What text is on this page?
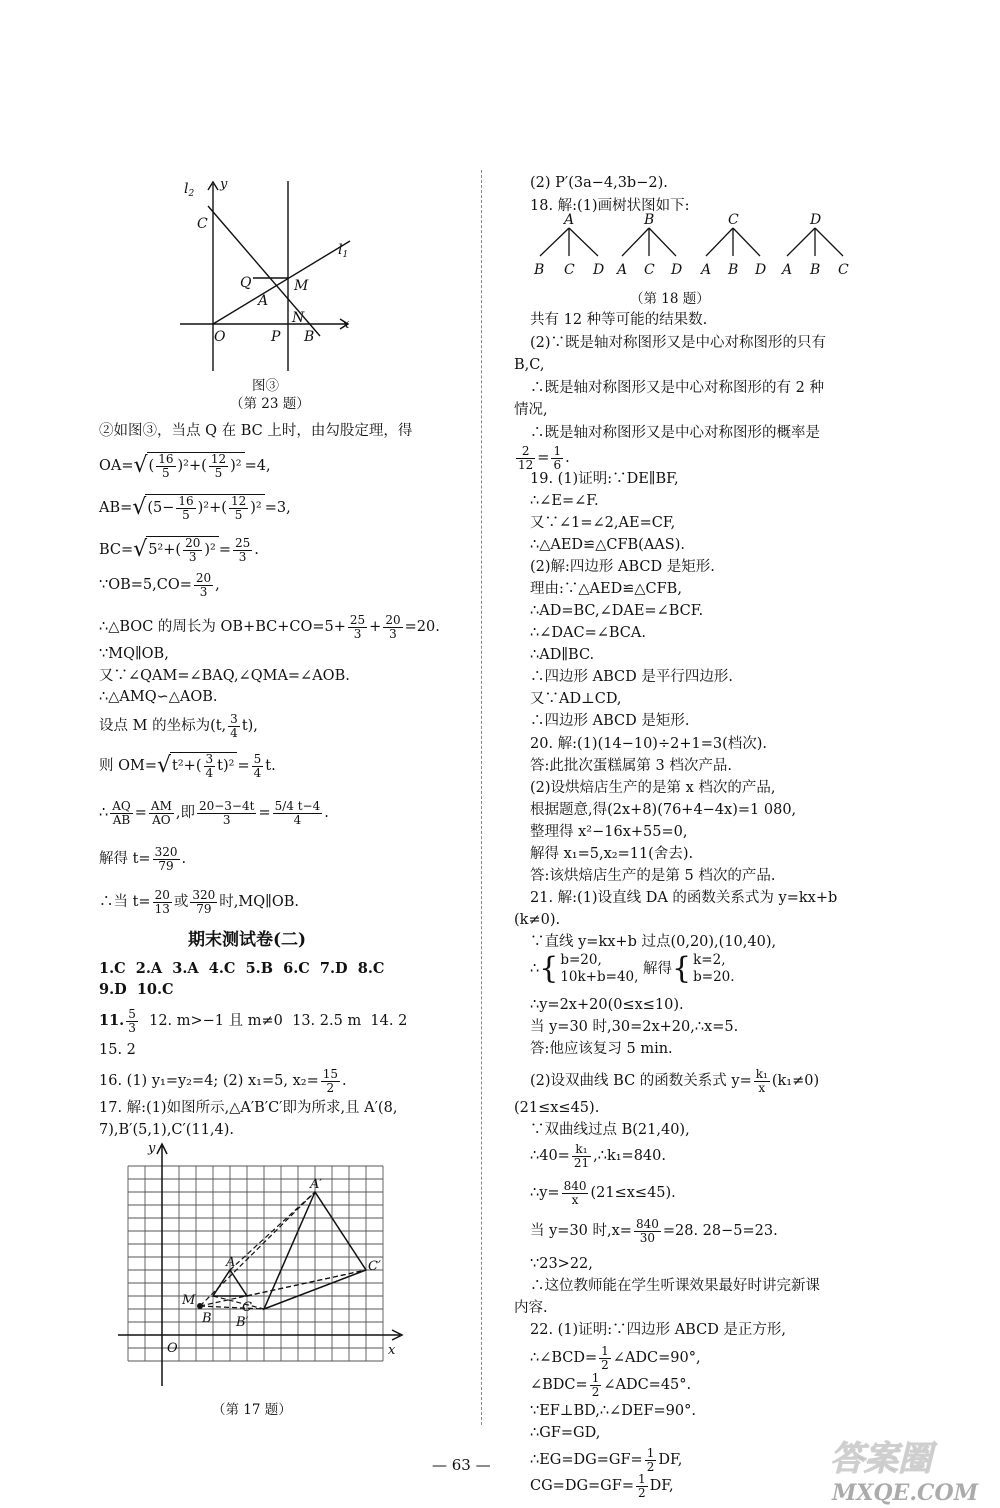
$l_2$
y
C
$l_1$
Q	M
A
N
O	P B
x
图③
（第 23 题）
②如图③，当点 Q 在 BC 上时，由勾股定理，得
$OA=√( \frac{16}{5} )^2+( \frac{12}{5} )^2 =4$,
$AB=√(5- \frac{16}{5} )^2+( \frac{12}{5} )^2 =3$,
$BC=√5^2+( \frac{20}{3} )^2 = \frac{25}{3}$ .
∵OB=5,CO= $\frac{20}{3}$ ,
∴△BOC 的周长为 $OB+BC+CO=5+ \frac{25}{3} + \frac{20}{3} =20$.
∵MQ∥OB,
又∵∠QAM=∠BAQ,∠QMA=∠AOB.
∴△AMQ∽△AOB.
设点 M 的坐标为(t, $\frac{3}{4} t$),
则 $OM=√t^2+( \frac{3}{4} t)^2 = \frac{5}{4} t$.
∴ $\frac{AQ}{AB} = \frac{AM}{AO}$ ,即 $\frac{20-3-4t}{3} = \frac{5/4 t-4}{4}$ .
解得 $t= \frac{320}{79}$ .
∴当 $t= \frac{20}{13}$ 或 $\frac{320}{79}$ 时,MQ∥OB.
期末测试卷(二)
1.C 2.A 3.A 4.C 5.B 6.C 7.D 8.C
9.D 10.C
11. $\frac{5}{3} 12$. m>−1 且 m≠0 13. 2.5 m 14. 2
15. 2
16. (1) y₁=y₂=4; (2) x₁=5, $x_2= \frac{15}{2}$ .
17. 解:(1)如图所示,△A′B′C′即为所求,且 A′(8,
7),B′(5,1),C′(11,4).
y
x
O
M
B B′
A
C
A′
C′
（第 17 题）
(2) P′(3a−4,3b−2).
18. 解:(1)画树状图如下:
A	B	C	D
B C D A C D A B D A B C
（第 18 题）
共有 12 种等可能的结果数.
(2)∵既是轴对称图形又是中心对称图形的只有
B,C,
∴既是轴对称图形又是中心对称图形的有 2 种
情况,
∴既是轴对称图形又是中心对称图形的概率是
$\frac{2}{12} = \frac{1}{6}$ .
19. (1)证明:∵DE∥BF,
∴∠E=∠F.
又∵∠1=∠2,AE=CF,
∴△AED≌△CFB(AAS).
(2)解:四边形 ABCD 是矩形.
理由:∵△AED≌△CFB,
∴AD=BC,∠DAE=∠BCF.
∴∠DAC=∠BCA.
∴AD∥BC.
∴四边形 ABCD 是平行四边形.
又∵AD⊥CD,
∴四边形 ABCD 是矩形.
20. 解:(1)(14−10)÷2+1=3(档次).
答:此批次蛋糕属第 3 档次产品.
(2)设烘焙店生产的是第 x 档次的产品,
根据题意,得(2x+8)(76+4−4x)=1 080,
整理得 x²−16x+55=0,
解得 x₁=5,x₂=11(舍去).
答:该烘焙店生产的是第 5 档次的产品.
21. 解:(1)设直线 DA 的函数关系式为 y=kx+b
(k≠0).
∵直线 y=kx+b 过点(0,20),(10,40),
∴{ b=20,
10k+b=40, 解得{ k=2,
b=20.
∴y=2x+20(0≤x≤10).
当 y=30 时,30=2x+20,∴x=5.
答:他应该复习 5 min.
(2)设双曲线 BC 的函数关系式 $y= \frac{\text{k₁}}{x} (k_1\ne 0)$
(21≤x≤45).
∵双曲线过点 B(21,40),
∴40= $\frac{\text{k₁}}{21}$ ,∴k₁=840.
∴y= $\frac{840}{x} (21\le x\le 45)$.
当 y=30 时$,x= \frac{840}{30} =28$. 28−5=23.
∵23>22,
∴这位教师能在学生听课效果最好时讲完新课
内容.
22. (1)证明:∵四边形 ABCD 是正方形,
∴∠BCD= $\frac{1}{2}$ ∠ADC=90°,
∠BDC= $\frac{1}{2}$ ∠ADC=45°.
∵EF⊥BD,∴∠DEF=90°.
∴GF=GD,
∴EG=DG=GF= $\frac{1}{2}$ DF,
$CG=DG=GF= \frac{1}{2}$ DF,
— 63 —	答案圈
MXQE.COM
